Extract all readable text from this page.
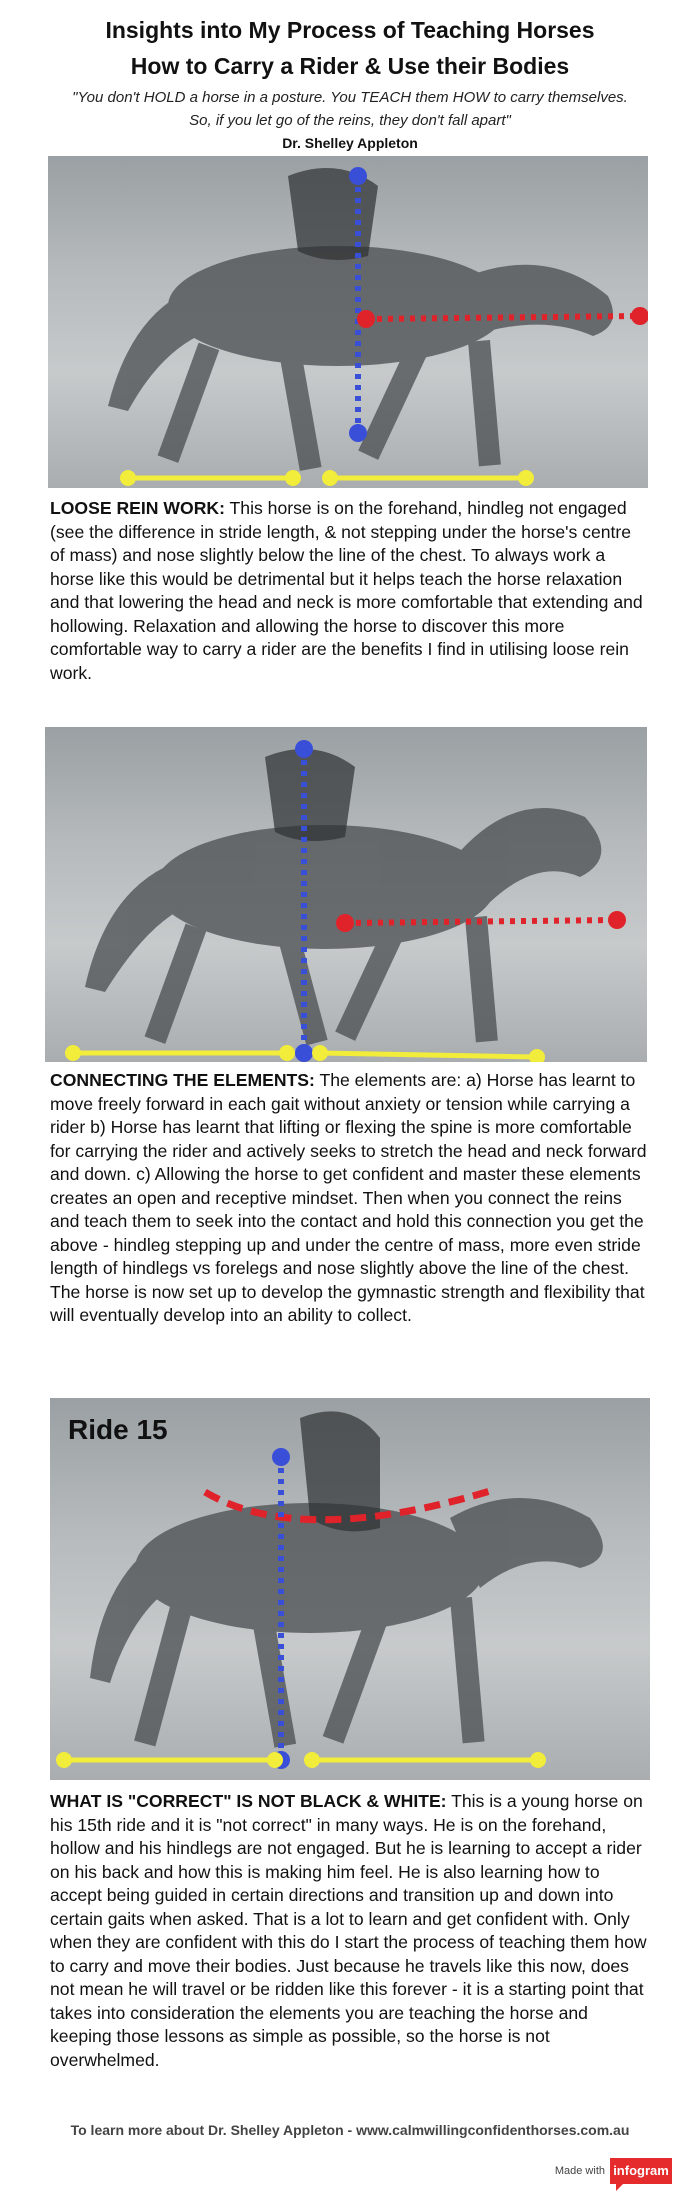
Insights into My Process of Teaching Horses
How to Carry a Rider & Use their Bodies
"You don't HOLD a horse in a posture. You TEACH them HOW to carry themselves. So, if you let go of the reins, they don't fall apart"
Dr. Shelley Appleton

LOOSE REIN WORK: This horse is on the forehand, hindleg not engaged (see the difference in stride length, & not stepping under the horse's centre of mass) and nose slightly below the line of the chest. To always work a horse like this would be detrimental but it helps teach the horse relaxation and that lowering the head and neck is more comfortable that extending and hollowing. Relaxation and allowing the horse to discover this more comfortable way to carry a rider are the benefits I find in utilising loose rein work.

CONNECTING THE ELEMENTS: The elements are: a) Horse has learnt to move freely forward in each gait without anxiety or tension while carrying a rider b) Horse has learnt that lifting or flexing the spine is more comfortable for carrying the rider and actively seeks to stretch the head and neck forward and down. c) Allowing the horse to get confident and master these elements creates an open and receptive mindset. Then when you connect the reins and teach them to seek into the contact and hold this connection you get the above - hindleg stepping up and under the centre of mass, more even stride length of hindlegs vs forelegs and nose slightly above the line of the chest. The horse is now set up to develop the gymnastic strength and flexibility that will eventually develop into an ability to collect.

Ride 15

WHAT IS "CORRECT" IS NOT BLACK & WHITE: This is a young horse on his 15th ride and it is "not correct" in many ways. He is on the forehand, hollow and his hindlegs are not engaged. But he is learning to accept a rider on his back and how this is making him feel. He is also learning how to accept being guided in certain directions and transition up and down into certain gaits when asked. That is a lot to learn and get confident with. Only when they are confident with this do I start the process of teaching them how to carry and move their bodies. Just because he travels like this now, does not mean he will travel or be ridden like this forever - it is a starting point that takes into consideration the elements you are teaching the horse and keeping those lessons as simple as possible, so the horse is not overwhelmed.

To learn more about Dr. Shelley Appleton - www.calmwillingconfidenthorses.com.au
Made with infogram
